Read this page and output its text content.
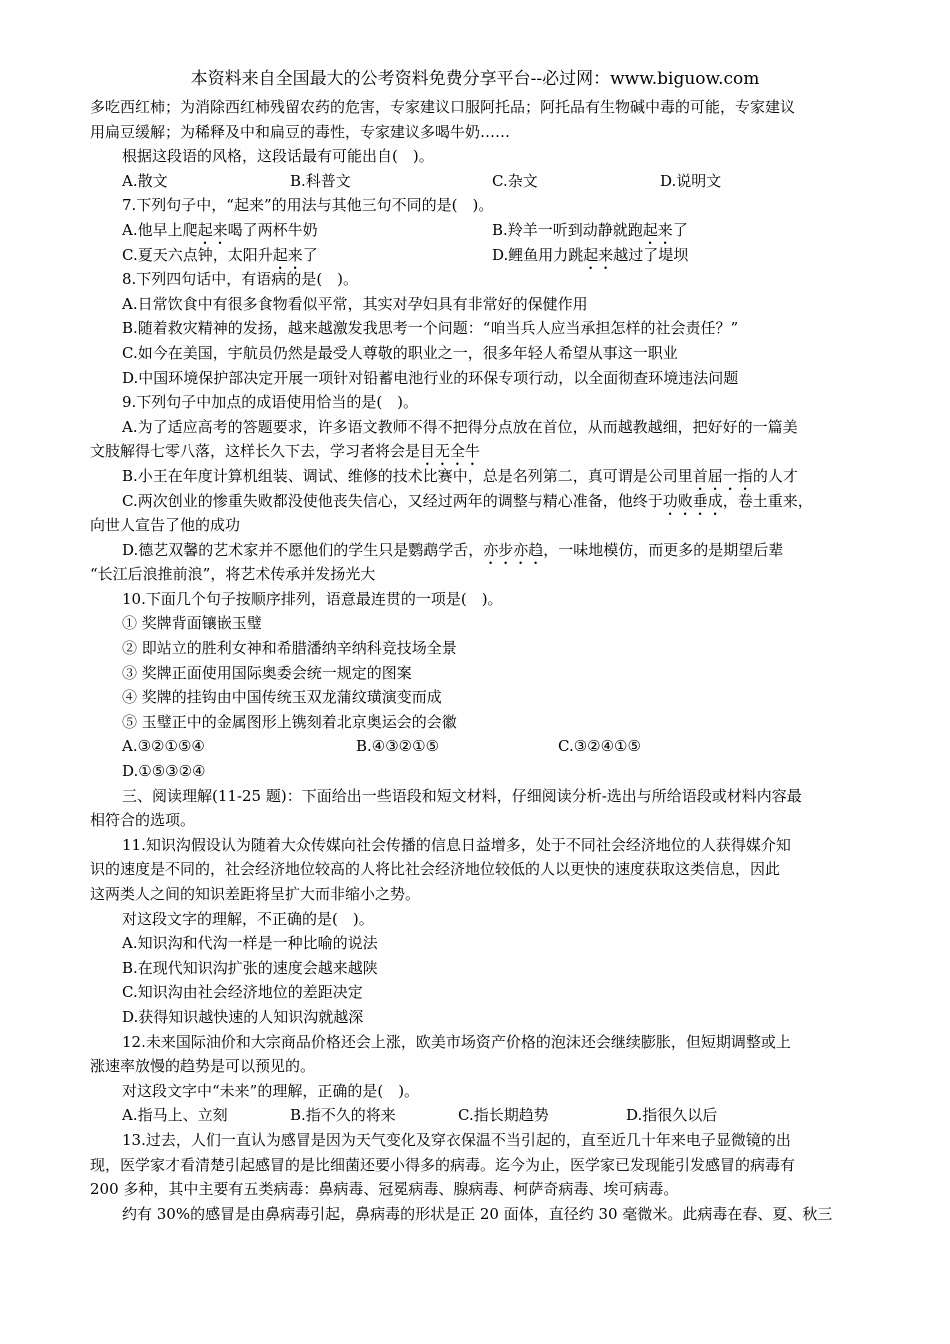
本资料来自全国最大的公考资料免费分享平台--必过网：www.biguow.com
多吃西红柿；为消除西红柿残留农药的危害，专家建议口服阿托品；阿托品有生物碱中毒的可能，专家建议
用扁豆缓解；为稀释及中和扁豆的毒性，专家建议多喝牛奶……
根据这段语的风格，这段话最有可能出自(　)。
A.散文	B.科普文	C.杂文	D.说明文
7.下列句子中，“起来”的用法与其他三句不同的是(　)。
A.他早上爬起来喝了两杯牛奶	B.羚羊一听到动静就跑起来了
C.夏天六点钟，太阳升起来了	D.鲤鱼用力跳起来越过了堤坝
8.下列四句话中，有语病的是(　)。
A.日常饮食中有很多食物看似平常，其实对孕妇具有非常好的保健作用
B.随着救灾精神的发扬，越来越激发我思考一个问题：“咱当兵人应当承担怎样的社会责任？”
C.如今在美国，宇航员仍然是最受人尊敬的职业之一，很多年轻人希望从事这一职业
D.中国环境保护部决定开展一项针对铅蓄电池行业的环保专项行动，以全面彻查环境违法问题
9.下列句子中加点的成语使用恰当的是(　)。
A.为了适应高考的答题要求，许多语文教师不得不把得分点放在首位，从而越教越细，把好好的一篇美
文肢解得七零八落，这样长久下去，学习者将会是目无全牛
B.小王在年度计算机组装、调试、维修的技术比赛中，总是名列第二，真可谓是公司里首屈一指的人才
C.两次创业的惨重失败都没使他丧失信心，又经过两年的调整与精心准备，他终于功败垂成，卷土重来，
向世人宣告了他的成功
D.德艺双馨的艺术家并不愿他们的学生只是鹦鹉学舌，亦步亦趋，一味地模仿，而更多的是期望后辈
“长江后浪推前浪”，将艺术传承并发扬光大
10.下面几个句子按顺序排列，语意最连贯的一项是(　)。
① 奖牌背面镶嵌玉璧
② 即站立的胜利女神和希腊潘纳辛纳科竞技场全景
③ 奖牌正面使用国际奥委会统一规定的图案
④ 奖牌的挂钩由中国传统玉双龙蒲纹璜演变而成
⑤ 玉璧正中的金属图形上镌刻着北京奥运会的会徽
A.③②①⑤④	B.④③②①⑤	C.③②④①⑤
D.①⑤③②④
三、阅读理解(11-25 题)：下面给出一些语段和短文材料，仔细阅读分析-选出与所给语段或材料内容最
相符合的选项。
11.知识沟假设认为随着大众传媒向社会传播的信息日益增多，处于不同社会经济地位的人获得媒介知
识的速度是不同的，社会经济地位较高的人将比社会经济地位较低的人以更快的速度获取这类信息，因此
这两类人之间的知识差距将呈扩大而非缩小之势。
对这段文字的理解，不正确的是(　)。
A.知识沟和代沟一样是一种比喻的说法
B.在现代知识沟扩张的速度会越来越陕
C.知识沟由社会经济地位的差距决定
D.获得知识越快速的人知识沟就越深
12.未来国际油价和大宗商品价格还会上涨，欧美市场资产价格的泡沫还会继续膨胀，但短期调整或上
涨速率放慢的趋势是可以预见的。
对这段文字中“未来”的理解，正确的是(　)。
A.指马上、立刻	B.指不久的将来	C.指长期趋势	D.指很久以后
13.过去，人们一直认为感冒是因为天气变化及穿衣保温不当引起的，直至近几十年来电子显微镜的出
现，医学家才看清楚引起感冒的是比细菌还要小得多的病毒。迄今为止，医学家已发现能引发感冒的病毒有
200 多种，其中主要有五类病毒：鼻病毒、冠冕病毒、腺病毒、柯萨奇病毒、埃可病毒。
约有 30%的感冒是由鼻病毒引起，鼻病毒的形状是正 20 面体，直径约 30 毫微米。此病毒在春、夏、秋三
